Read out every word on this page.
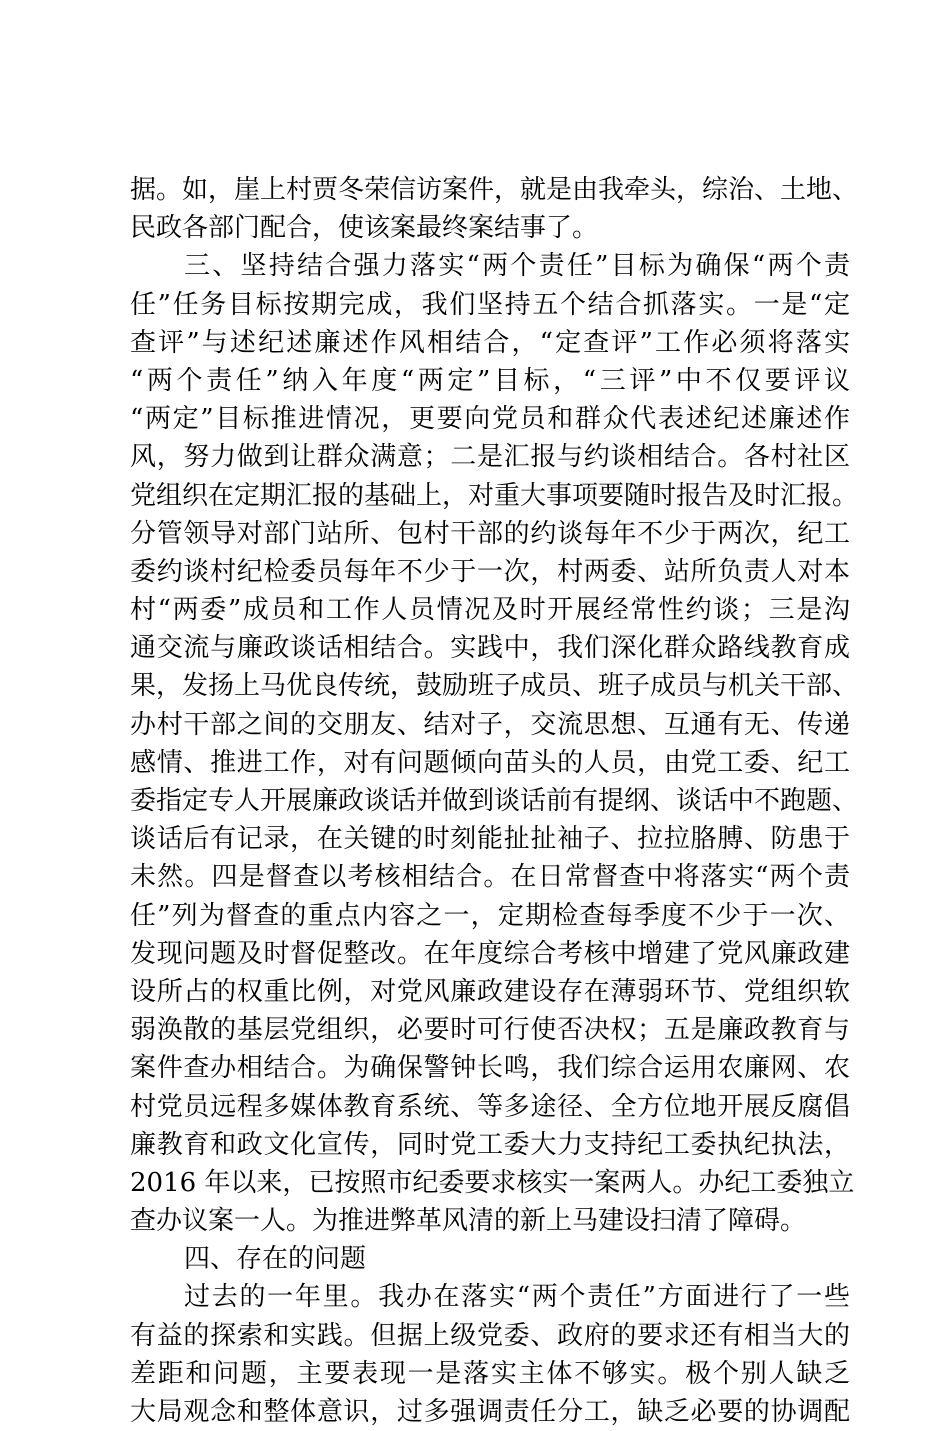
据。如，崖上村贾冬荣信访案件，就是由我牵头，综治、土地、
民政各部门配合，使该案最终案结事了。
三、坚持结合强力落实“两个责任”目标为确保“两个责
任”任务目标按期完成，我们坚持五个结合抓落实。一是“定
查评”与述纪述廉述作风相结合，“定查评”工作必须将落实
“两个责任”纳入年度“两定”目标，“三评”中不仅要评议
“两定”目标推进情况，更要向党员和群众代表述纪述廉述作
风，努力做到让群众满意；二是汇报与约谈相结合。各村社区
党组织在定期汇报的基础上，对重大事项要随时报告及时汇报。
分管领导对部门站所、包村干部的约谈每年不少于两次，纪工
委约谈村纪检委员每年不少于一次，村两委、站所负责人对本
村“两委”成员和工作人员情况及时开展经常性约谈；三是沟
通交流与廉政谈话相结合。实践中，我们深化群众路线教育成
果，发扬上马优良传统，鼓励班子成员、班子成员与机关干部、
办村干部之间的交朋友、结对子，交流思想、互通有无、传递
感情、推进工作，对有问题倾向苗头的人员，由党工委、纪工
委指定专人开展廉政谈话并做到谈话前有提纲、谈话中不跑题、
谈话后有记录，在关键的时刻能扯扯袖子、拉拉胳膊、防患于
未然。四是督查以考核相结合。在日常督查中将落实“两个责
任”列为督查的重点内容之一，定期检查每季度不少于一次、
发现问题及时督促整改。在年度综合考核中增建了党风廉政建
设所占的权重比例，对党风廉政建设存在薄弱环节、党组织软
弱涣散的基层党组织，必要时可行使否决权；五是廉政教育与
案件查办相结合。为确保警钟长鸣，我们综合运用农廉网、农
村党员远程多媒体教育系统、等多途径、全方位地开展反腐倡
廉教育和政文化宣传，同时党工委大力支持纪工委执纪执法，
2016 年以来，已按照市纪委要求核实一案两人。办纪工委独立
查办议案一人。为推进弊革风清的新上马建设扫清了障碍。
四、存在的问题
过去的一年里。我办在落实“两个责任”方面进行了一些
有益的探索和实践。但据上级党委、政府的要求还有相当大的
差距和问题，主要表现一是落实主体不够实。极个别人缺乏
大局观念和整体意识，过多强调责任分工，缺乏必要的协调配
